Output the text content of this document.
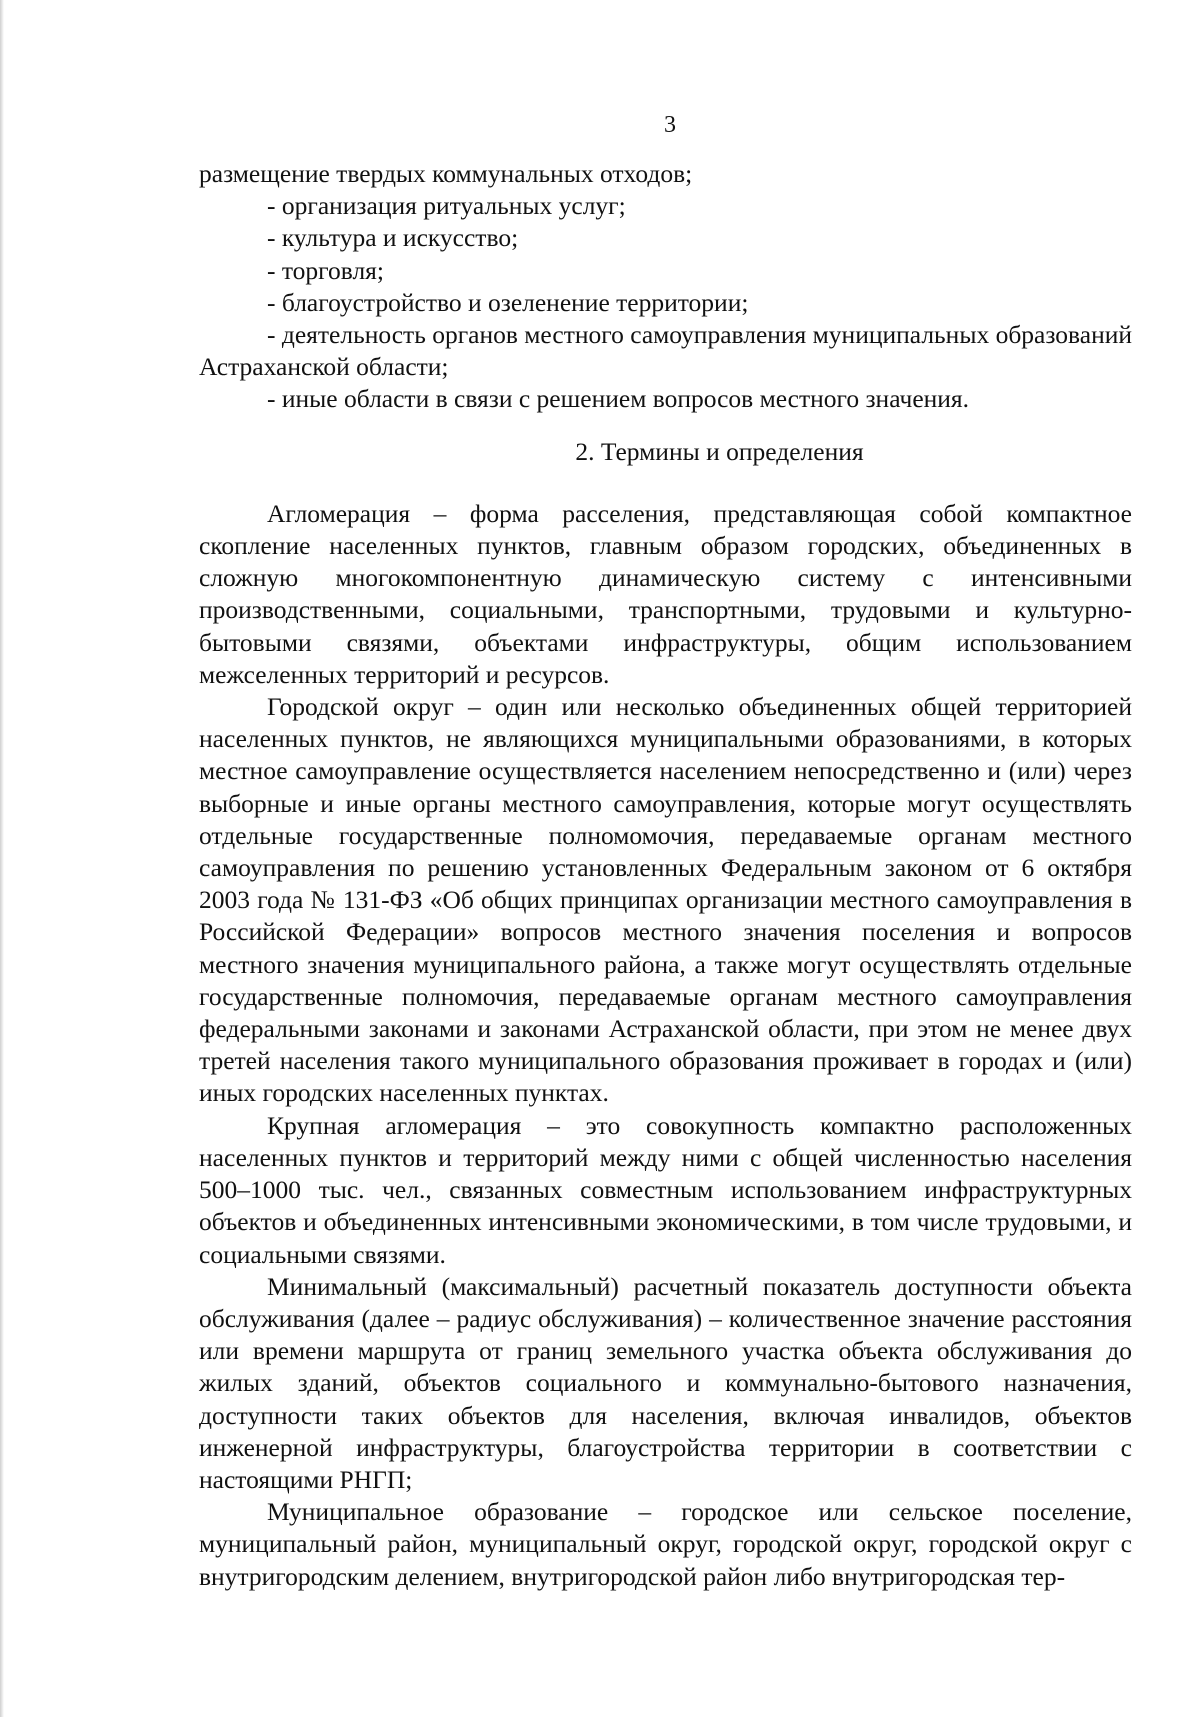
3

размещение твердых коммунальных отходов;

- организация ритуальных услуг;

- культура и искусство;

- торговля;

- благоустройство и озеленение территории;

- деятельность органов местного самоуправления муниципальных образований Астраханской области;

- иные области в связи с решением вопросов местного значения.

2. Термины и определения

Агломерация – форма расселения, представляющая собой компактное скопление населенных пунктов, главным образом городских, объединенных в сложную многокомпонентную динамическую систему с интенсивными производственными, социальными, транспортными, трудовыми и культурно-бытовыми связями, объектами инфраструктуры, общим использованием межселенных территорий и ресурсов.

Городской округ – один или несколько объединенных общей территорией населенных пунктов, не являющихся муниципальными образованиями, в которых местное самоуправление осуществляется населением непосредственно и (или) через выборные и иные органы местного самоуправления, которые могут осуществлять отдельные государственные полномомочия, передаваемые органам местного самоуправления по решению установленных Федеральным законом от 6 октября 2003 года № 131-ФЗ «Об общих принципах организации местного самоуправления в Российской Федерации» вопросов местного значения поселения и вопросов местного значения муниципального района, а также могут осуществлять отдельные государственные полномочия, передаваемые органам местного самоуправления федеральными законами и законами Астраханской области, при этом не менее двух третей населения такого муниципального образования проживает в городах и (или) иных городских населенных пунктах.

Крупная агломерация – это совокупность компактно расположенных населенных пунктов и территорий между ними с общей численностью населения 500–1000 тыс. чел., связанных совместным использованием инфраструктурных объектов и объединенных интенсивными экономическими, в том числе трудовыми, и социальными связями.

Минимальный (максимальный) расчетный показатель доступности объекта обслуживания (далее – радиус обслуживания) – количественное значение расстояния или времени маршрута от границ земельного участка объекта обслуживания до жилых зданий, объектов социального и коммунально-бытового назначения, доступности таких объектов для населения, включая инвалидов, объектов инженерной инфраструктуры, благоустройства территории в соответствии с настоящими РНГП;

Муниципальное образование – городское или сельское поселение, муниципальный район, муниципальный округ, городской округ, городской округ с внутригородским делением, внутригородской район либо внутригородская тер-
